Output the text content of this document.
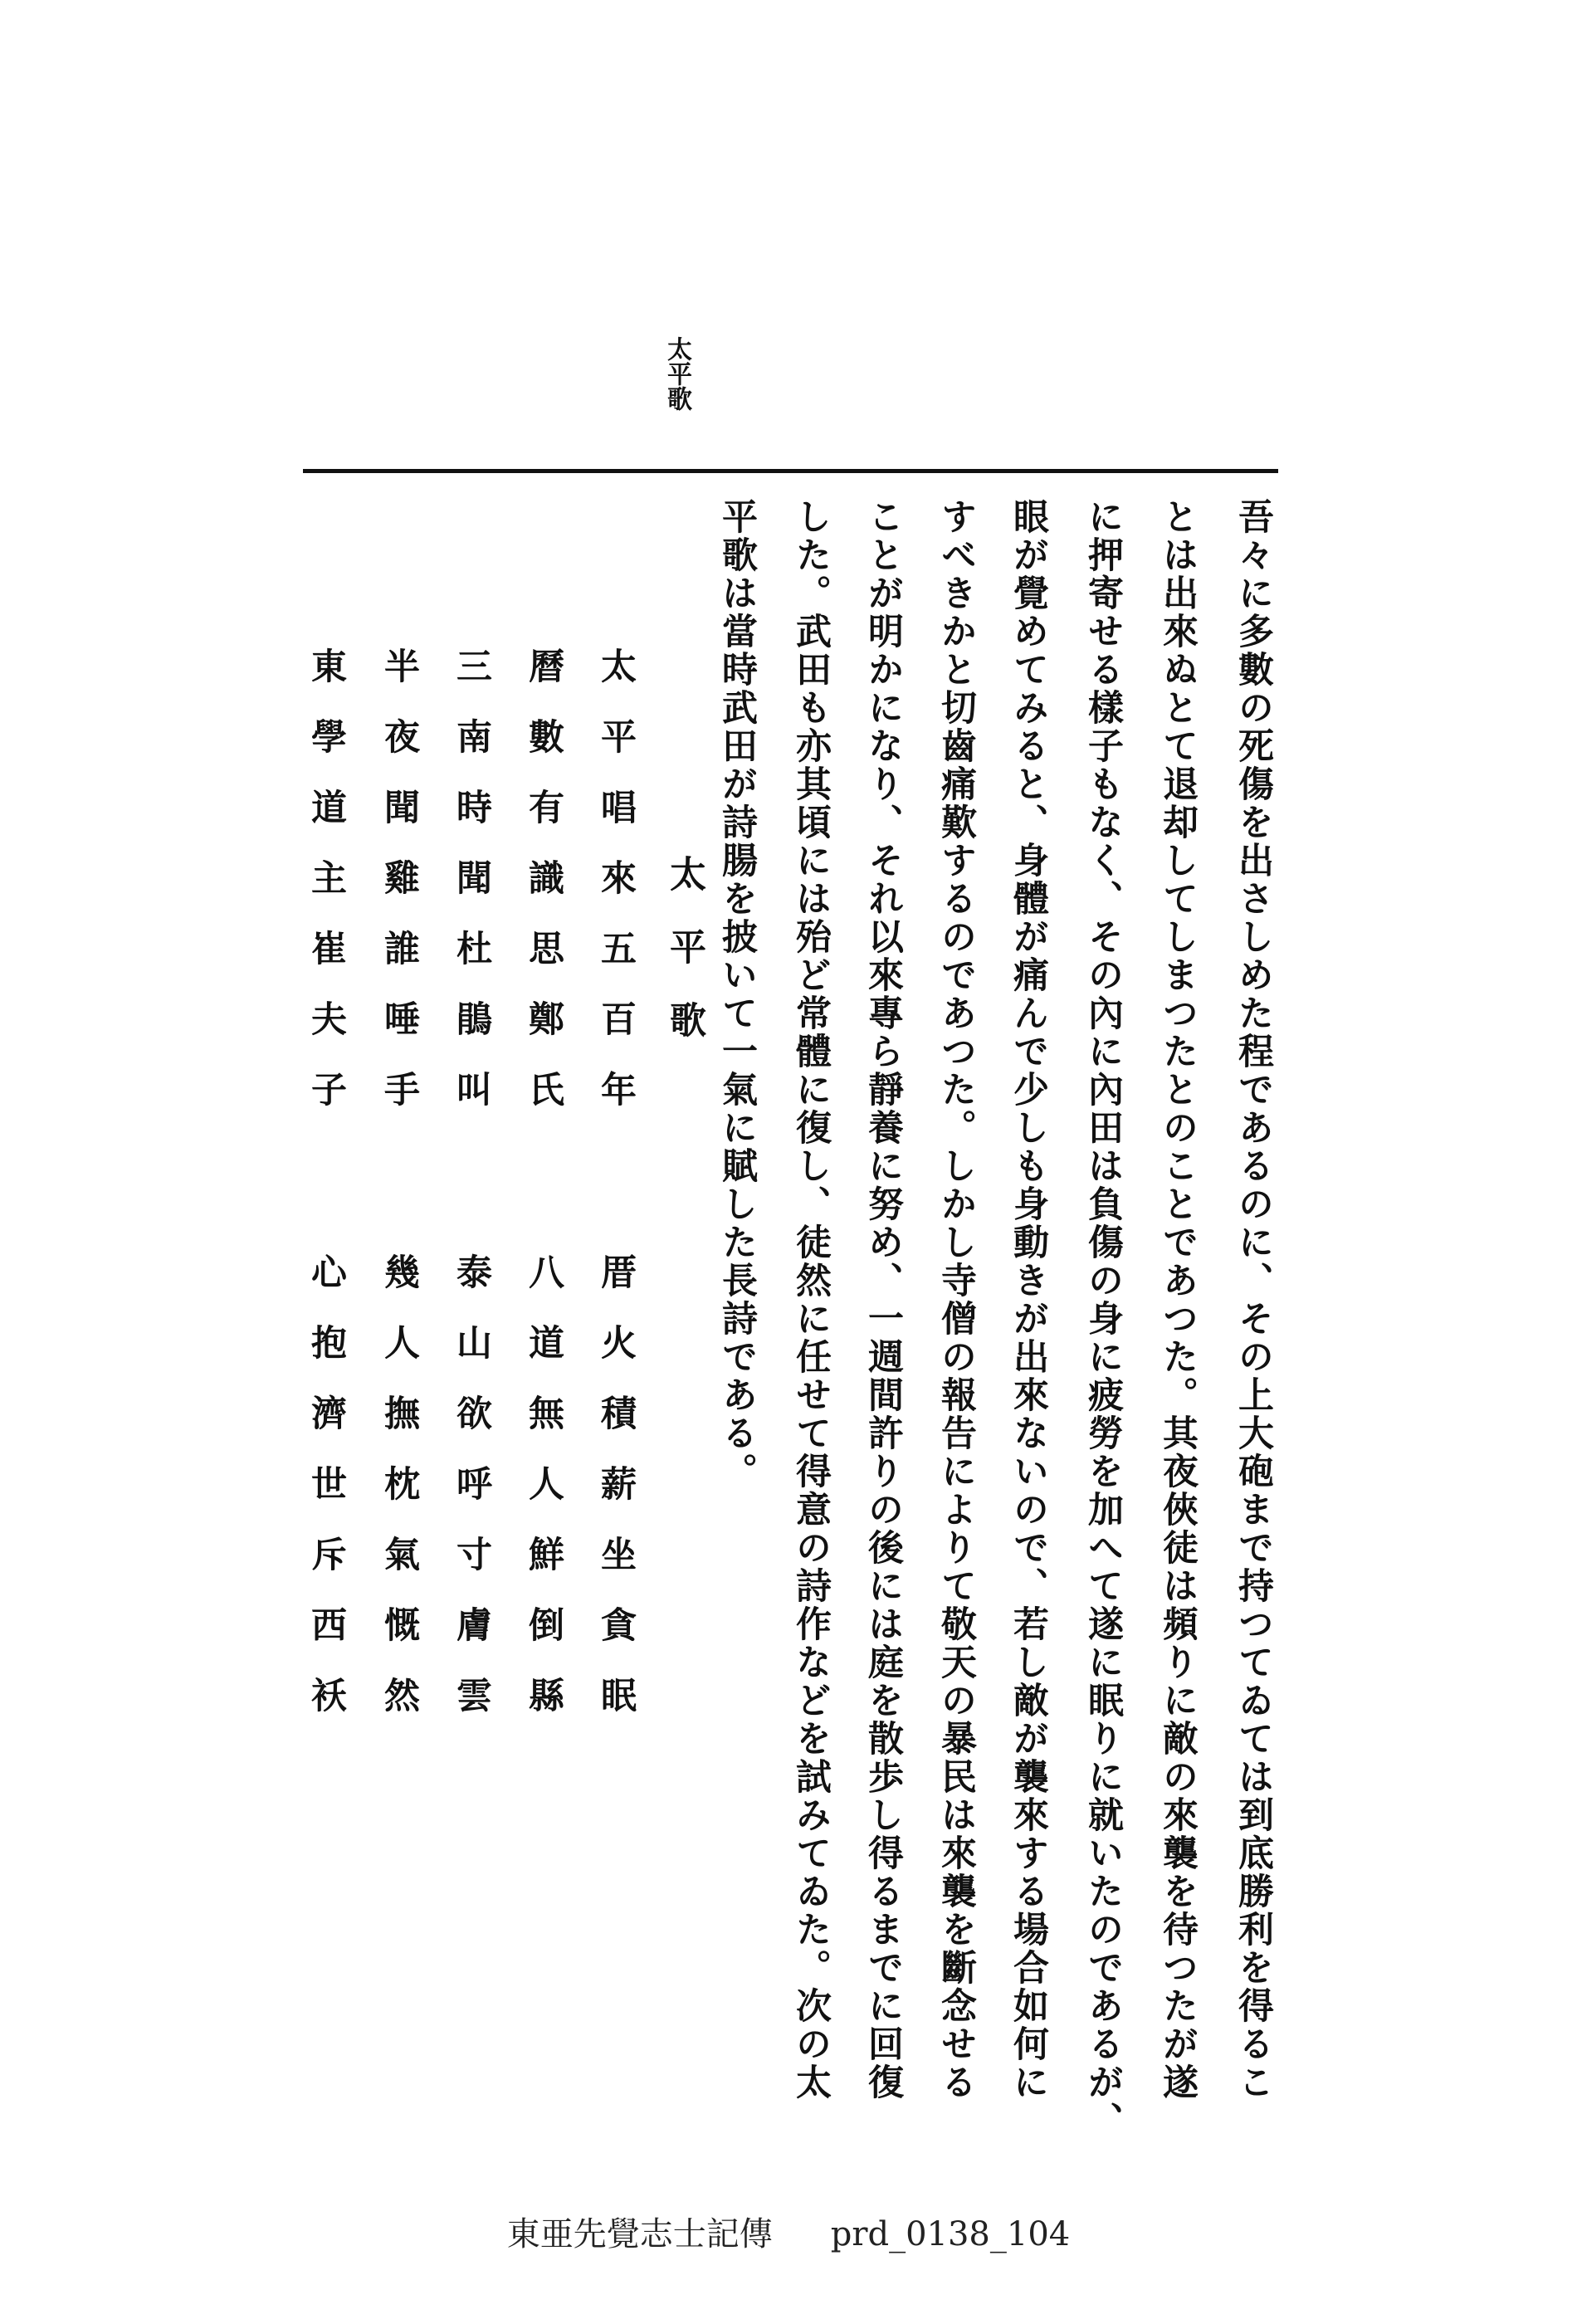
太平歌
吾々に多數の死傷を出さしめた程であるのに、その上大砲まで持つてゐては到底勝利を得るこ
とは出來ぬとて退却してしまつたとのことであつた。其夜俠徒は頻りに敵の來襲を待つたが遂
に押寄せる樣子もなく、その內に內田は負傷の身に疲勞を加へて遂に眠りに就いたのであるが、
眼が覺めてみると、身體が痛んで少しも身動きが出來ないので、若し敵が襲來する場合如何に
すべきかと切齒痛歎するのであつた。しかし寺僧の報告によりて敬天の暴民は來襲を斷念せる
ことが明かになり、それ以來專ら靜養に努め、一週間許りの後には庭を散歩し得るまでに回復
した。武田も亦其頃には殆ど常體に復し、徒然に任せて得意の詩作などを試みてゐた。次の太
平歌は當時武田が詩腸を披いて一氣に賦した長詩である。
太平歌
太平唱來五百年
曆數有識思鄭氏
三南時聞杜鵑叫
半夜聞雞誰唾手
東學道主崔夫子
厝火積薪坐貪眠
八道無人鮮倒縣
泰山欲呼寸膚雲
幾人撫枕氣慨然
心抱濟世斥西袄
東亜先覺志士記傳 prd_0138_104
